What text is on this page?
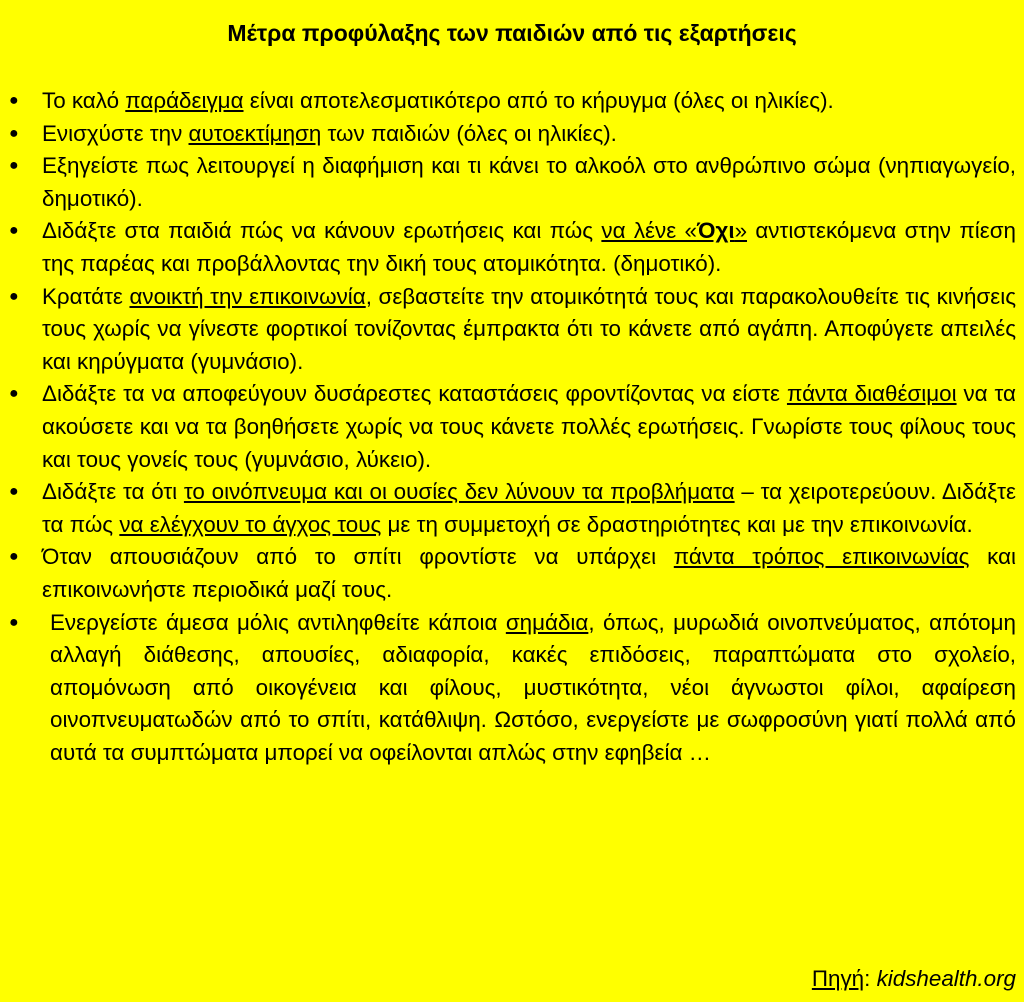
Μέτρα προφύλαξης των παιδιών από τις εξαρτήσεις
● Το καλό παράδειγμα είναι αποτελεσματικότερο από το κήρυγμα (όλες οι ηλικίες).
● Ενισχύστε την αυτοεκτίμηση των παιδιών (όλες οι ηλικίες).
● Εξηγείστε πως λειτουργεί η διαφήμιση και τι κάνει το αλκοόλ στο ανθρώπινο σώμα (νηπιαγωγείο, δημοτικό).
● Διδάξτε στα παιδιά πώς να κάνουν ερωτήσεις και πώς να λένε «Όχι» αντιστεκόμενα στην πίεση της παρέας και προβάλλοντας την δική τους ατομικότητα. (δημοτικό).
● Κρατάτε ανοικτή την επικοινωνία, σεβαστείτε την ατομικότητά τους και παρακολουθείτε τις κινήσεις τους χωρίς να γίνεστε φορτικοί τονίζοντας έμπρακτα ότι το κάνετε από αγάπη. Αποφύγετε απειλές και κηρύγματα (γυμνάσιο).
● Διδάξτε τα να αποφεύγουν δυσάρεστες καταστάσεις φροντίζοντας να είστε πάντα διαθέσιμοι να τα ακούσετε και να τα βοηθήσετε χωρίς να τους κάνετε πολλές ερωτήσεις. Γνωρίστε τους φίλους τους και τους γονείς τους (γυμνάσιο, λύκειο).
● Διδάξτε τα ότι το οινόπνευμα και οι ουσίες δεν λύνουν τα προβλήματα – τα χειροτερεύουν. Διδάξτε τα πώς να ελέγχουν το άγχος τους με τη συμμετοχή σε δραστηριότητες και με την επικοινωνία.
● Όταν απουσιάζουν από το σπίτι φροντίστε να υπάρχει πάντα τρόπος επικοινωνίας και επικοινωνήστε περιοδικά μαζί τους.
● Ενεργείστε άμεσα μόλις αντιληφθείτε κάποια σημάδια, όπως, μυρωδιά οινοπνεύματος, απότομη αλλαγή διάθεσης, απουσίες, αδιαφορία, κακές επιδόσεις, παραπτώματα στο σχολείο, απομόνωση από οικογένεια και φίλους, μυστικότητα, νέοι άγνωστοι φίλοι, αφαίρεση οινοπνευματωδών από το σπίτι, κατάθλιψη. Ωστόσο, ενεργείστε με σωφροσύνη γιατί πολλά από αυτά τα συμπτώματα μπορεί να οφείλονται απλώς στην εφηβεία …
Πηγή: kidshealth.org
